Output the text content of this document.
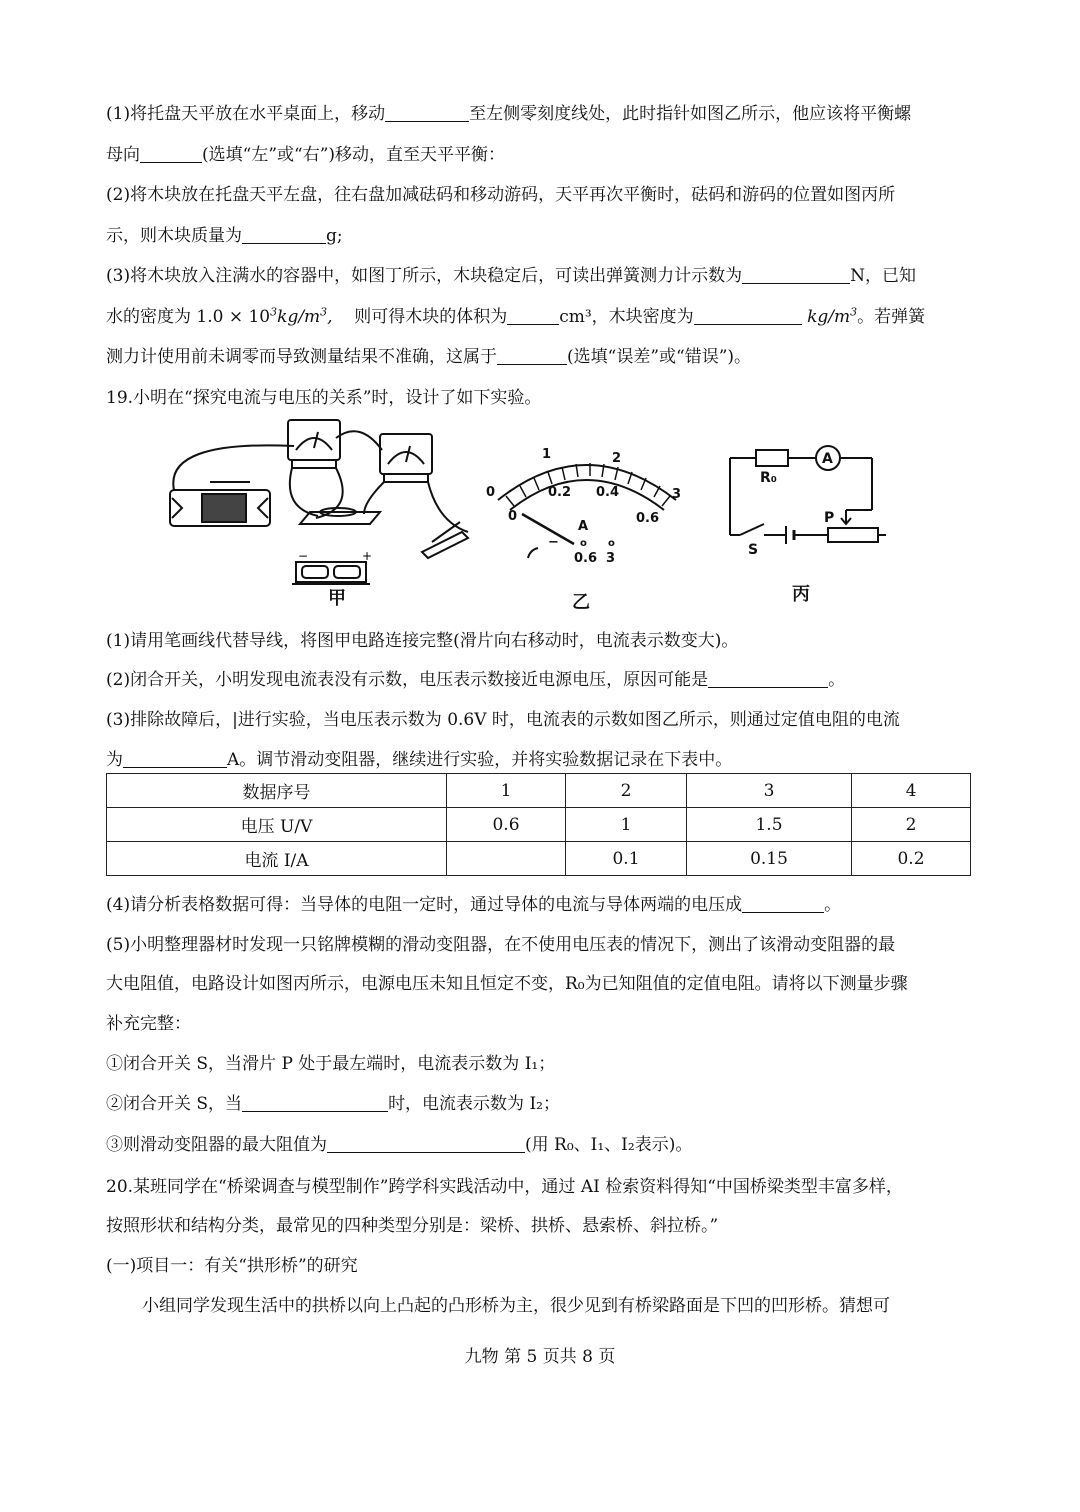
(1)将托盘天平放在水平桌面上，移动	至左侧零刻度线处，此时指针如图乙所示，他应该将平衡螺
母向	(选填“左”或“右”)移动，直至天平平衡：
(2)将木块放在托盘天平左盘，往右盘加减砝码和移动游码，天平再次平衡时，砝码和游码的位置如图丙所
示，则木块质量为	g;
(3)将木块放入注满水的容器中，如图丁所示，木块稳定后，可读出弹簧测力计示数为	N，已知
水的密度为 $1.0 \times 10^3kg/m^3$, 则可得木块的体积为	cm³，木块密度为	$kg/m^3$。若弹簧
测力计使用前未调零而导致测量结果不准确，这属于	(选填“误差”或“错误”)。
19.小明在“探究电流与电压的关系”时，设计了如下实验。
−	+
甲
0
1	2
3
0
0.2 0.4
0.6
A
o o
−
0.6 3
乙
R₀
A
P
S
丙
(1)请用笔画线代替导线，将图甲电路连接完整(滑片向右移动时，电流表示数变大)。
(2)闭合开关，小明发现电流表没有示数，电压表示数接近电源电压，原因可能是	。
(3)排除故障后，|进行实验，当电压表示数为 0.6V 时，电流表的示数如图乙所示，则通过定值电阻的电流
为	A。调节滑动变阻器，继续进行实验，并将实验数据记录在下表中。
数据序号	1	2	3	4
电压 U/V	0.6	1	1.5	2
电流 I/A		0.1	0.15	0.2
(4)请分析表格数据可得：当导体的电阻一定时，通过导体的电流与导体两端的电压成	。
(5)小明整理器材时发现一只铭牌模糊的滑动变阻器，在不使用电压表的情况下，测出了该滑动变阻器的最
大电阻值，电路设计如图丙所示，电源电压未知且恒定不变，R₀为已知阻值的定值电阻。请将以下测量步骤
补充完整：
①闭合开关 S，当滑片 P 处于最左端时，电流表示数为 I₁；
②闭合开关 S，当	时，电流表示数为 I₂；
③则滑动变阻器的最大阻值为	(用 R₀、I₁、I₂表示)。
20.某班同学在“桥梁调查与模型制作”跨学科实践活动中，通过 AI 检索资料得知“中国桥梁类型丰富多样，
按照形状和结构分类，最常见的四种类型分别是：梁桥、拱桥、悬索桥、斜拉桥。”
(一)项目一：有关“拱形桥”的研究
小组同学发现生活中的拱桥以向上凸起的凸形桥为主，很少见到有桥梁路面是下凹的凹形桥。猜想可
九物 第 5 页共 8 页
